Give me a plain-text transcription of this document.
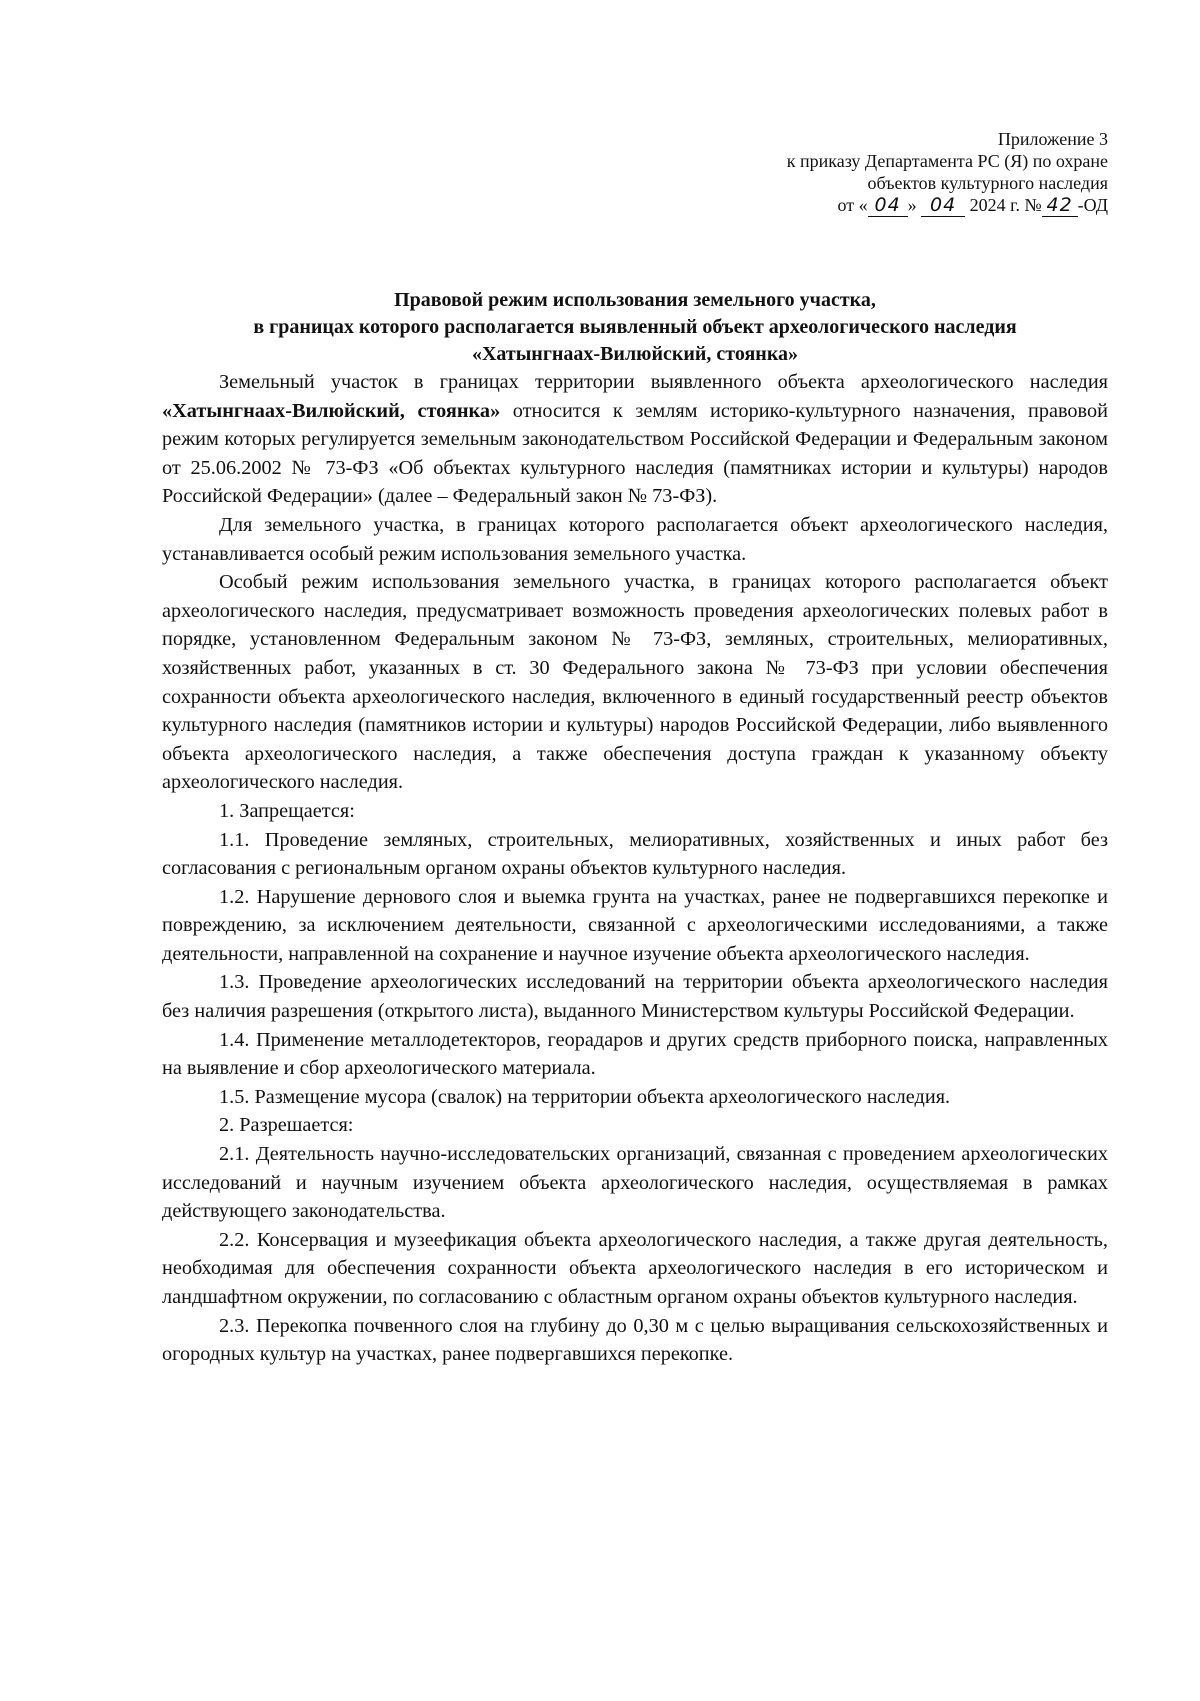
Приложение 3
к приказу Департамента РС (Я) по охране
объектов культурного наследия
от « 04 » 04 2024 г. № 42 -ОД
Правовой режим использования земельного участка,
в границах которого располагается выявленный объект археологического наследия
«Хатынгнаах-Вилюйский, стоянка»

Земельный участок в границах территории выявленного объекта археологического наследия «Хатынгнаах-Вилюйский, стоянка» относится к землям историко-культурного назначения, правовой режим которых регулируется земельным законодательством Российской Федерации и Федеральным законом от 25.06.2002 № 73-ФЗ «Об объектах культурного наследия (памятниках истории и культуры) народов Российской Федерации» (далее – Федеральный закон № 73-ФЗ).

Для земельного участка, в границах которого располагается объект археологического наследия, устанавливается особый режим использования земельного участка.

Особый режим использования земельного участка, в границах которого располагается объект археологического наследия, предусматривает возможность проведения археологических полевых работ в порядке, установленном Федеральным законом № 73-ФЗ, земляных, строительных, мелиоративных, хозяйственных работ, указанных в ст. 30 Федерального закона № 73-ФЗ при условии обеспечения сохранности объекта археологического наследия, включенного в единый государственный реестр объектов культурного наследия (памятников истории и культуры) народов Российской Федерации, либо выявленного объекта археологического наследия, а также обеспечения доступа граждан к указанному объекту археологического наследия.

1. Запрещается:

1.1. Проведение земляных, строительных, мелиоративных, хозяйственных и иных работ без согласования с региональным органом охраны объектов культурного наследия.

1.2. Нарушение дернового слоя и выемка грунта на участках, ранее не подвергавшихся перекопке и повреждению, за исключением деятельности, связанной с археологическими исследованиями, а также деятельности, направленной на сохранение и научное изучение объекта археологического наследия.

1.3. Проведение археологических исследований на территории объекта археологического наследия без наличия разрешения (открытого листа), выданного Министерством культуры Российской Федерации.

1.4. Применение металлодетекторов, георадаров и других средств приборного поиска, направленных на выявление и сбор археологического материала.

1.5. Размещение мусора (свалок) на территории объекта археологического наследия.

2. Разрешается:

2.1. Деятельность научно-исследовательских организаций, связанная с проведением археологических исследований и научным изучением объекта археологического наследия, осуществляемая в рамках действующего законодательства.

2.2. Консервация и музеефикация объекта археологического наследия, а также другая деятельность, необходимая для обеспечения сохранности объекта археологического наследия в его историческом и ландшафтном окружении, по согласованию с областным органом охраны объектов культурного наследия.

2.3. Перекопка почвенного слоя на глубину до 0,30 м с целью выращивания сельскохозяйственных и огородных культур на участках, ранее подвергавшихся перекопке.
